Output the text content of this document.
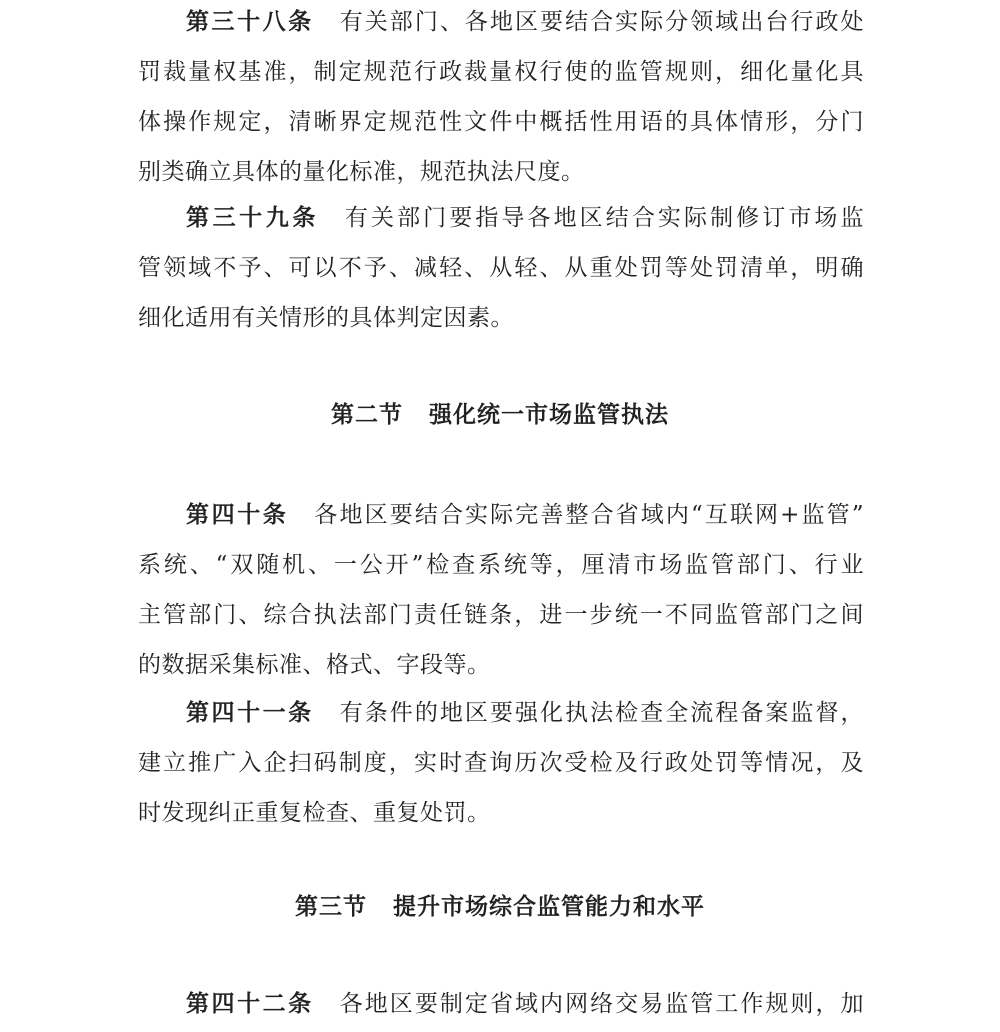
第三十八条 有关部门、各地区要结合实际分领域出台行政处
罚裁量权基准，制定规范行政裁量权行使的监管规则，细化量化具
体操作规定，清晰界定规范性文件中概括性用语的具体情形，分门
别类确立具体的量化标准，规范执法尺度。
第三十九条 有关部门要指导各地区结合实际制修订市场监
管领域不予、可以不予、减轻、从轻、从重处罚等处罚清单，明确
细化适用有关情形的具体判定因素。
第二节 强化统一市场监管执法
第四十条 各地区要结合实际完善整合省域内“互联网+监管”
系统、“双随机、一公开”检查系统等，厘清市场监管部门、行业
主管部门、综合执法部门责任链条，进一步统一不同监管部门之间
的数据采集标准、格式、字段等。
第四十一条 有条件的地区要强化执法检查全流程备案监督，
建立推广入企扫码制度，实时查询历次受检及行政处罚等情况，及
时发现纠正重复检查、重复处罚。
第三节 提升市场综合监管能力和水平
第四十二条 各地区要制定省域内网络交易监管工作规则，加
